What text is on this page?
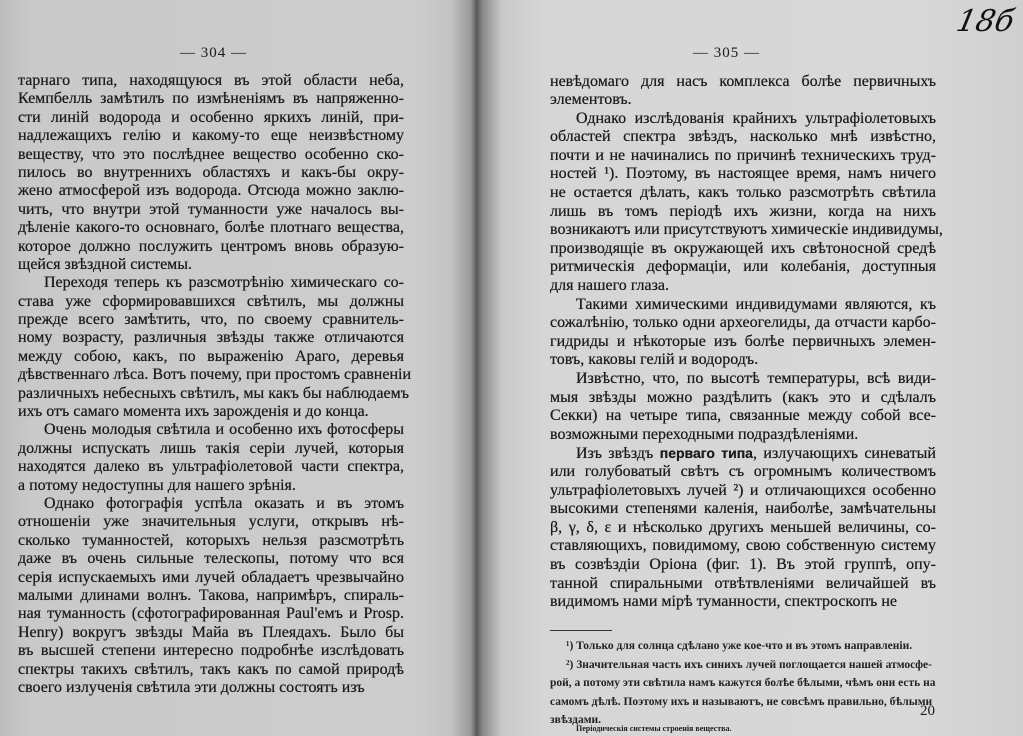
— 304 —
тарнаго типа, находящуюся въ этой области неба,
Кемпбелль замѣтилъ по измѣненіямъ въ напряженно-
сти линій водорода и особенно яркихъ линій, при-
надлежащихъ гелію и какому-то еще неизвѣстному
веществу, что это послѣднее вещество особенно ско-
пилось во внутреннихъ областяхъ и какъ-бы окру-
жено атмосферой изъ водорода. Отсюда можно заклю-
чить, что внутри этой туманности уже началось вы-
дѣленіе какого-то основнаго, болѣе плотнаго вещества,
которое должно послужить центромъ вновь образую-
щейся звѣздной системы.
Переходя теперь къ разсмотрѣнію химическаго со-
става уже сформировавшихся свѣтилъ, мы должны
прежде всего замѣтить, что, по своему сравнитель-
ному возрасту, различныя звѣзды также отличаются
между собою, какъ, по выраженію Араго, деревья
дѣвственнаго лѣса. Вотъ почему, при простомъ сравненіи
различныхъ небесныхъ свѣтилъ, мы какъ бы наблюдаемъ
ихъ отъ самаго момента ихъ зарожденія и до конца.
Очень молодыя свѣтила и особенно ихъ фотосферы
должны испускать лишь такія серіи лучей, которыя
находятся далеко въ ультрафіолетовой части спектра,
а потому недоступны для нашего зрѣнія.
Однако фотографія успѣла оказать и въ этомъ
отношеніи уже значительныя услуги, открывъ нѣ-
сколько туманностей, которыхъ нельзя разсмотрѣть
даже въ очень сильные телескопы, потому что вся
серія испускаемыхъ ими лучей обладаетъ чрезвычайно
малыми длинами волнъ. Такова, напримѣръ, спираль-
ная туманность (сфотографированная Paul'емъ и Prosp.
Henry) вокругъ звѣзды Майа въ Плеядахъ. Было бы
въ высшей степени интересно подробнѣе изслѣдовать
спектры такихъ свѣтилъ, такъ какъ по самой природѣ
своего излученія свѣтила эти должны состоять изъ
— 305 —
невѣдомаго для насъ комплекса болѣе первичныхъ
элементовъ.
Однако изслѣдованія крайнихъ ультрафіолетовыхъ
областей спектра звѣздъ, насколько мнѣ извѣстно,
почти и не начинались по причинѣ техническихъ труд-
ностей ¹). Поэтому, въ настоящее время, намъ ничего
не остается дѣлать, какъ только разсмотрѣть свѣтила
лишь въ томъ періодѣ ихъ жизни, когда на нихъ
возникаютъ или присутствуютъ химическіе индивидумы,
производящіе въ окружающей ихъ свѣтоносной средѣ
ритмическія деформаціи, или колебанія, доступныя
для нашего глаза.
Такими химическими индивидумами являются, къ
сожалѣнію, только одни археогелиды, да отчасти карбо-
гидриды и нѣкоторые изъ болѣе первичныхъ элемен-
товъ, каковы гелій и водородъ.
Извѣстно, что, по высотѣ температуры, всѣ види-
мыя звѣзды можно раздѣлить (какъ это и сдѣлалъ
Секки) на четыре типа, связанные между собой все-
возможными переходными подраздѣленіями.
Изъ звѣздъ перваго типа, излучающихъ синеватый
или голубоватый свѣтъ съ огромнымъ количествомъ
ультрафіолетовыхъ лучей ²) и отличающихся особенно
высокими степенями каленія, наиболѣе, замѣчательны
β, γ, δ, ε и нѣсколько другихъ меньшей величины, со-
ставляющихъ, повидимому, свою собственную систему
въ созвѣздіи Оріона (фиг. 1). Въ этой группѣ, опу-
танной спиральными отвѣтвленіями величайшей въ
видимомъ нами мірѣ туманности, спектроскопъ не
¹) Только для солнца сдѣлано уже кое-что и въ этомъ направленіи.
²) Значительная часть ихъ синихъ лучей поглощается нашей атмосфе-
рой, а потому эти свѣтила намъ кажутся болѣе бѣлыми, чѣмъ они есть на
самомъ дѣлѣ. Поэтому ихъ и называютъ, не совсѣмъ правильно, бѣлыми
звѣздами.
20
Періодическія системы строенія вещества.
18б
